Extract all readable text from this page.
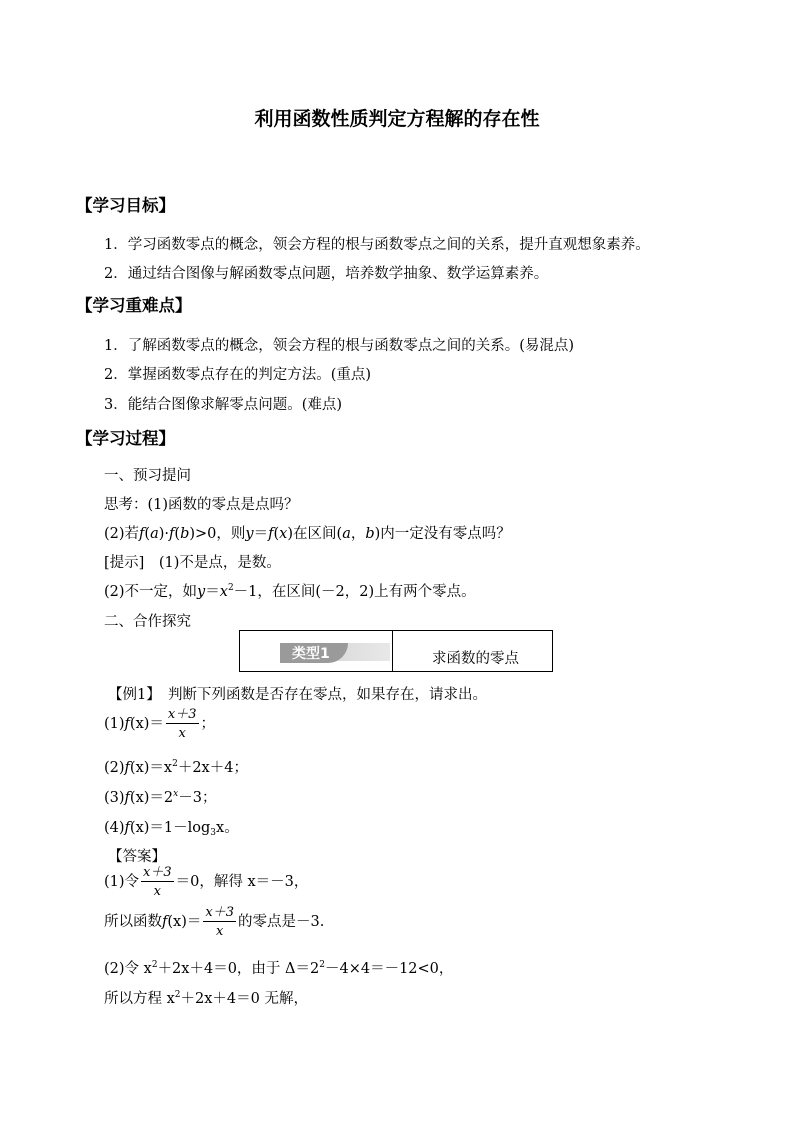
利用函数性质判定方程解的存在性
【学习目标】
1．学习函数零点的概念，领会方程的根与函数零点之间的关系，提升直观想象素养。
2．通过结合图像与解函数零点问题，培养数学抽象、数学运算素养。
【学习重难点】
1．了解函数零点的概念，领会方程的根与函数零点之间的关系。(易混点)
2．掌握函数零点存在的判定方法。(重点)
3．能结合图像求解零点问题。(难点)
【学习过程】
一、预习提问
思考：(1)函数的零点是点吗？
(2)若f(a)·f(b)>0，则y＝f(x)在区间(a，b)内一定没有零点吗？
[提示]　(1)不是点，是数。
(2)不一定，如$y=x^2-1$，在区间(－2，2)上有两个零点。
二、合作探究
类型1	求函数的零点
【例1】　判断下列函数是否存在零点，如果存在，请求出。
$(1)f(x)= \frac{x+3}{x}$ ；
$(2)f(x)=x^2+2x+4$；
$(3)f(x)=2^x-3$；
$(4)f(x)=1-\log_3x$。
【答案】
(1)令 $\frac{x+3}{x} =0$，解得 x＝－3，
所以函数$f(x)= \frac{x+3}{x}$ 的零点是－3.
(2)令 $x^2+2x+4=0$，由于 $\Delta=2^2-4\times 4=-12<0$，
所以方程 $x^2+2x+4=0$ 无解，
